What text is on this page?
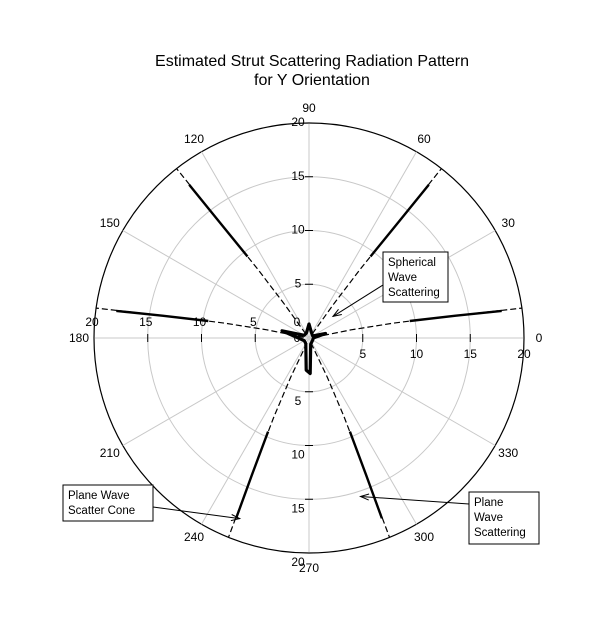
Estimated Strut Scattering Radiation Pattern
for Y Orientation
0
30
60
90
120
150
180
210
240
270
300
330
5
5
5
5
10
10
10
10
15
15
15
15
20
20
20
20
0
0
Spherical
Wave
Scattering
Plane Wave
Scatter Cone
Plane
Wave
Scattering
